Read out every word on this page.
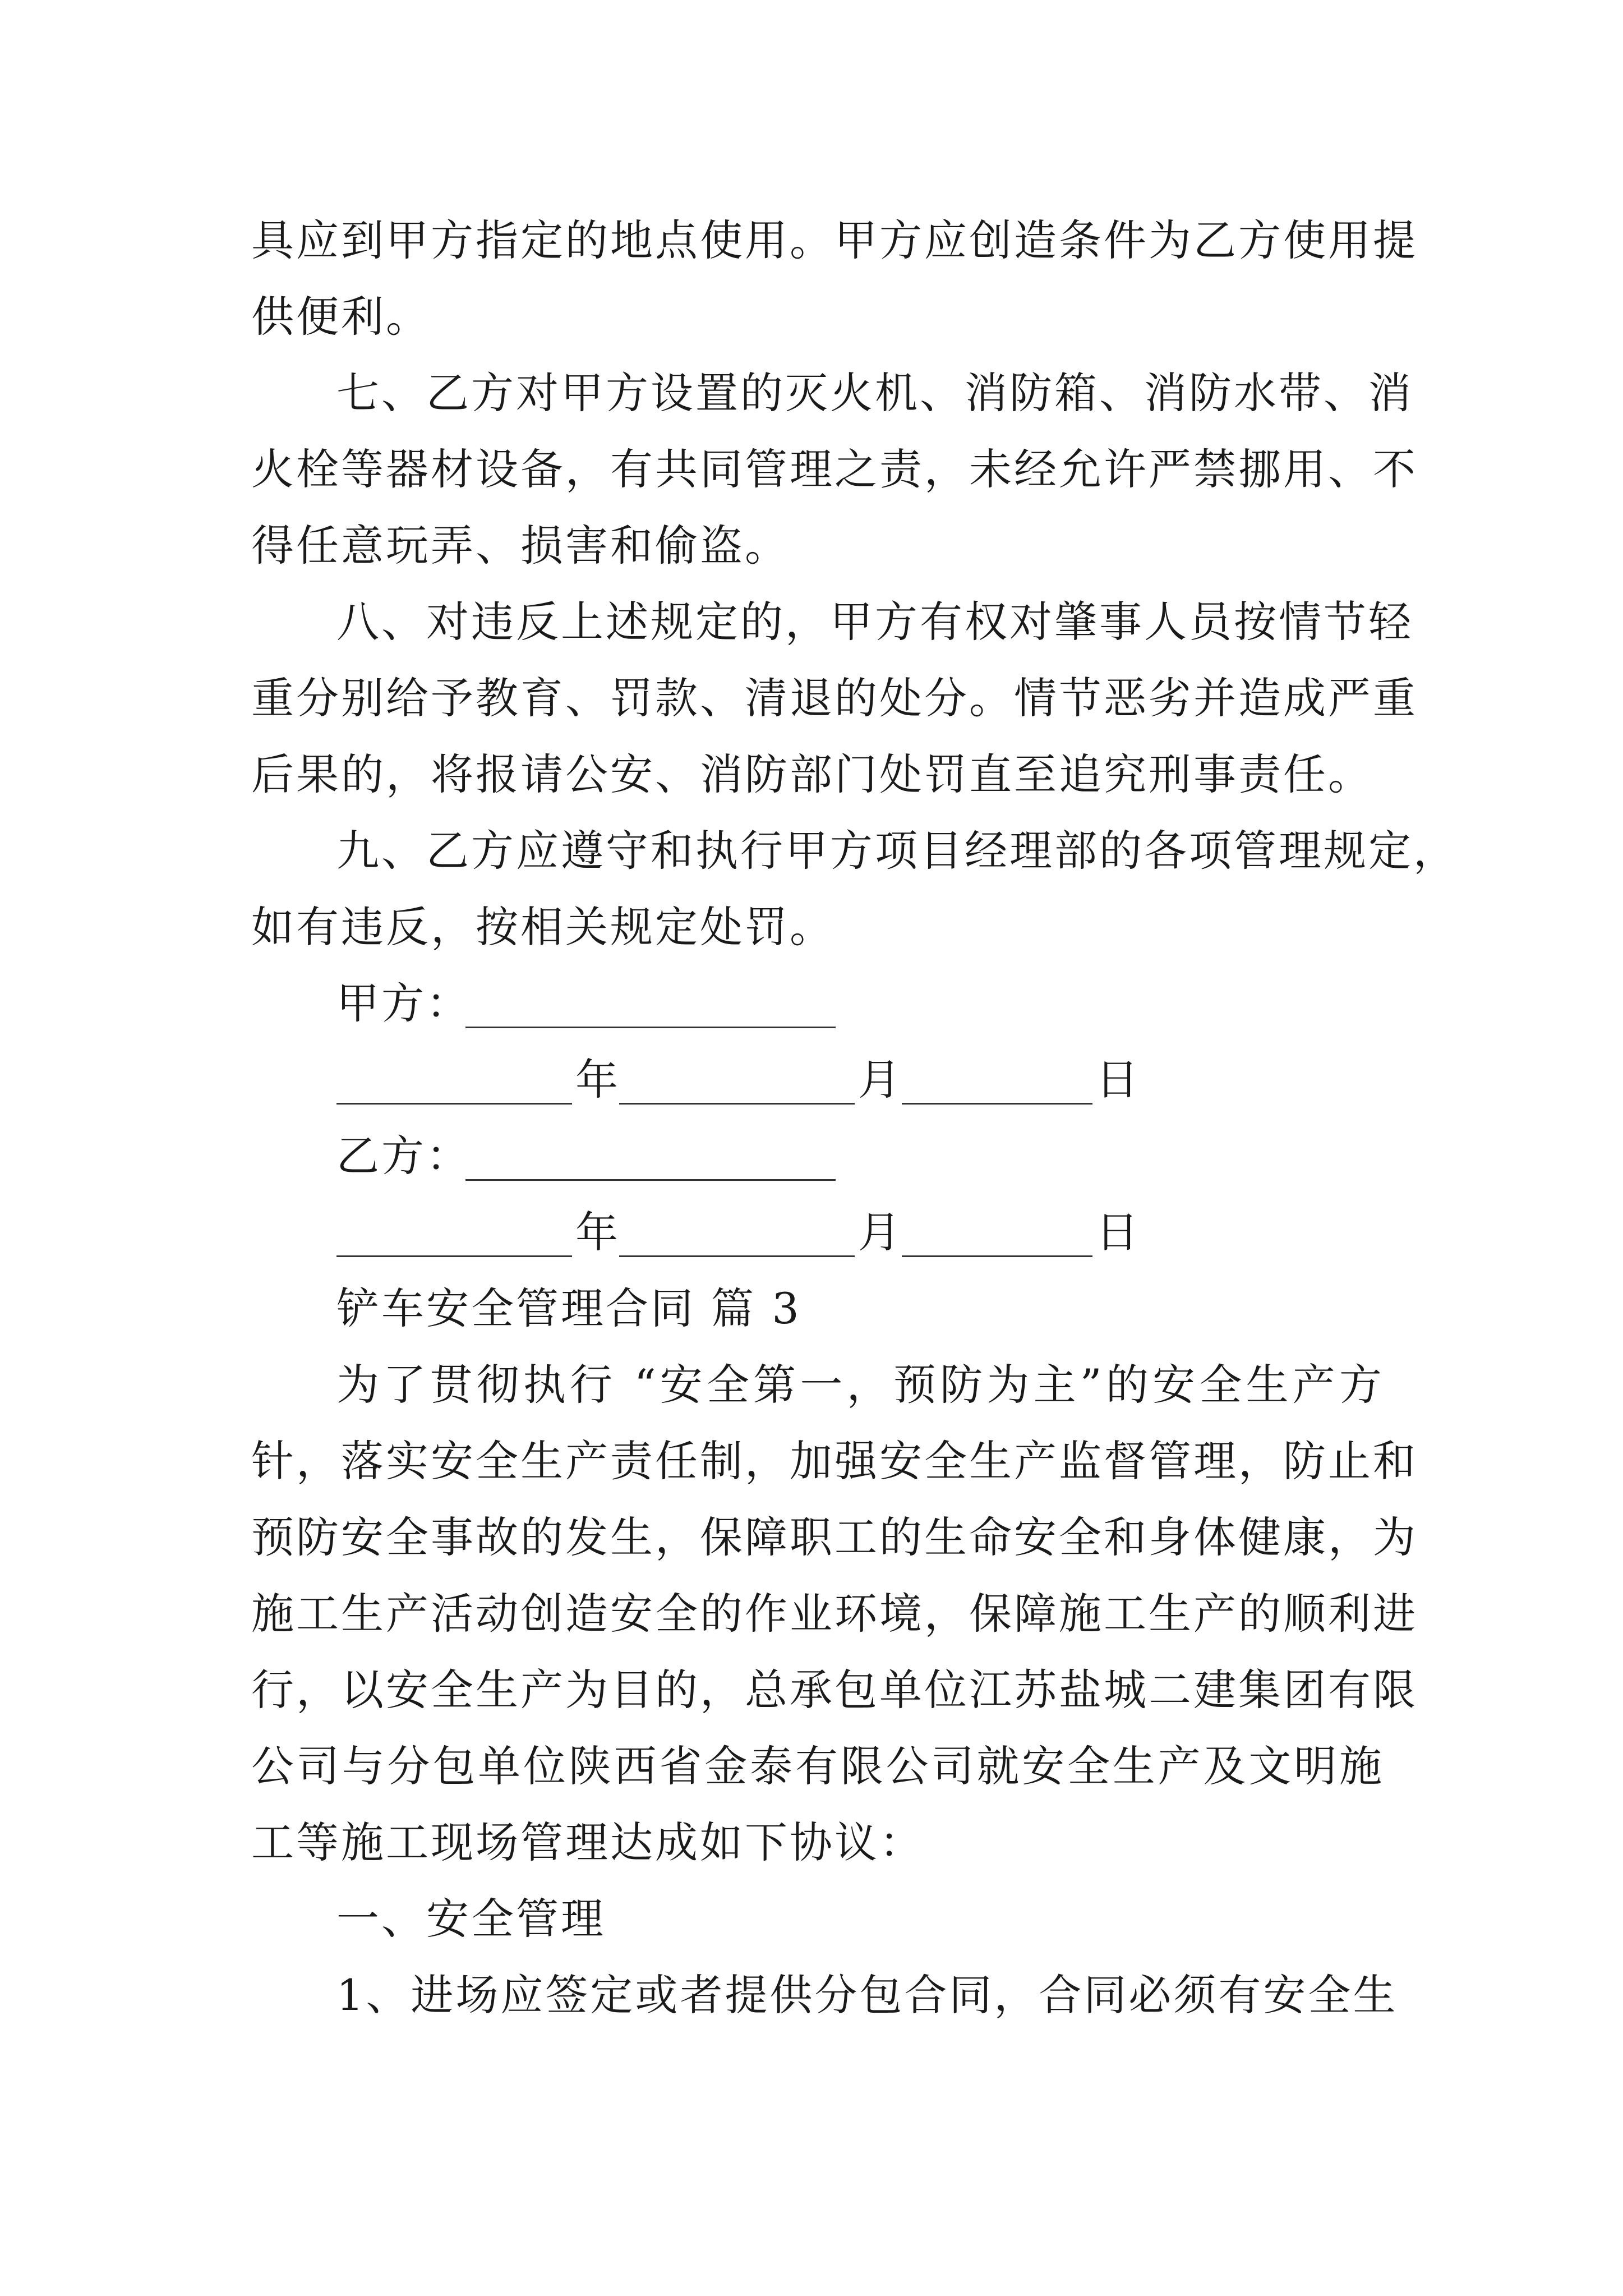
具应到甲方指定的地点使用。甲方应创造条件为乙方使用提
供便利。
七、乙方对甲方设置的灭火机、消防箱、消防水带、消
火栓等器材设备，有共同管理之责，未经允许严禁挪用、不
得任意玩弄、损害和偷盗。
八、对违反上述规定的，甲方有权对肇事人员按情节轻
重分别给予教育、罚款、清退的处分。情节恶劣并造成严重
后果的，将报请公安、消防部门处罚直至追究刑事责任。
九、乙方应遵守和执行甲方项目经理部的各项管理规定，
如有违反，按相关规定处罚。
甲方：
年	月	日
乙方：
年	月	日
铲车安全管理合同 篇 3
为了贯彻执行 “安全第一，预防为主”的安全生产方
针，落实安全生产责任制，加强安全生产监督管理，防止和
预防安全事故的发生，保障职工的生命安全和身体健康，为
施工生产活动创造安全的作业环境，保障施工生产的顺利进
行，以安全生产为目的，总承包单位江苏盐城二建集团有限
公司与分包单位陕西省金泰有限公司就安全生产及文明施
工等施工现场管理达成如下协议：
一、安全管理
1、进场应签定或者提供分包合同，合同必须有安全生
